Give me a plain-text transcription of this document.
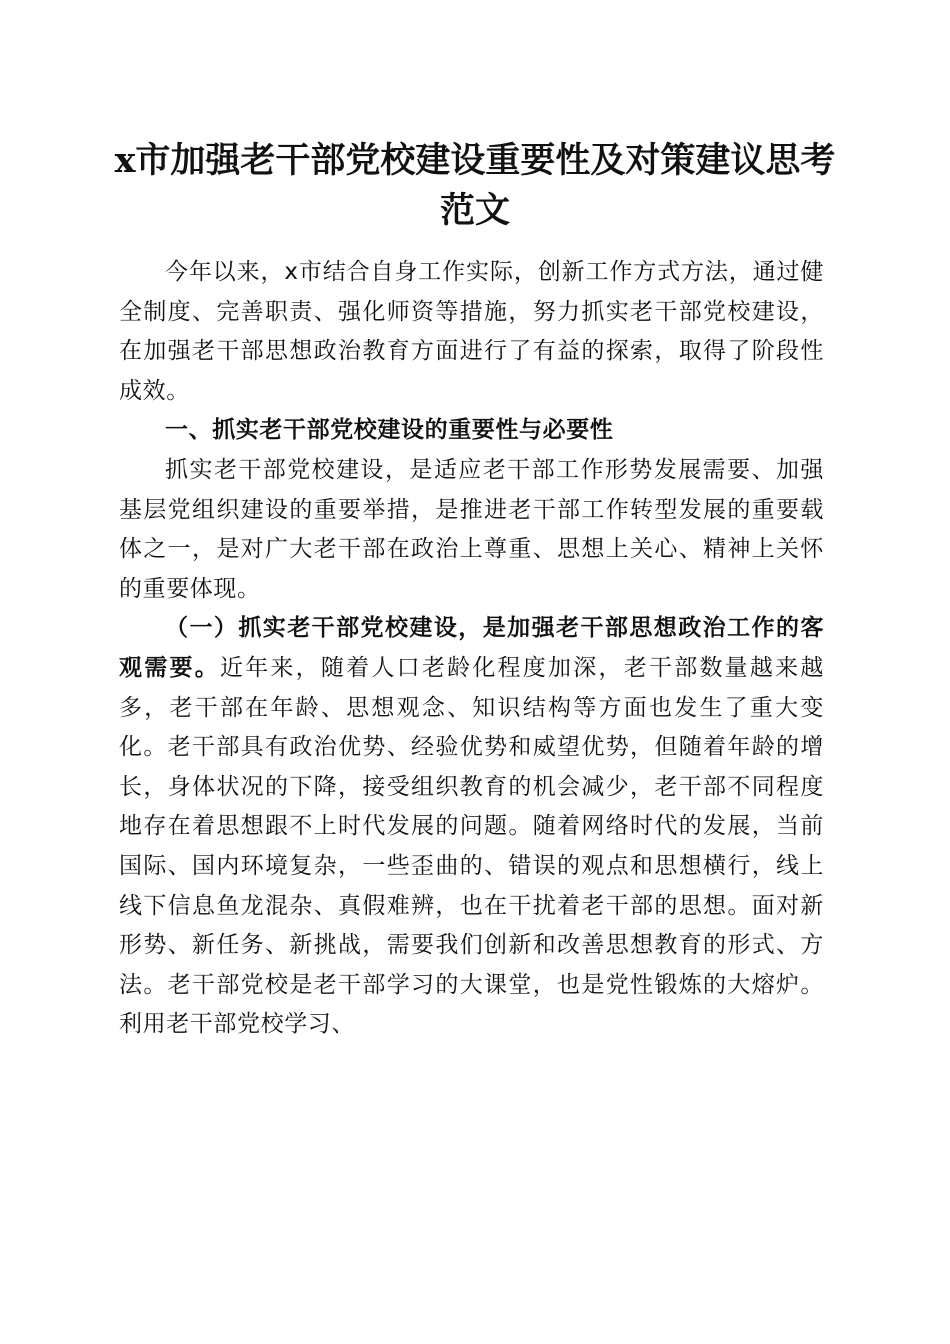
x市加强老干部党校建设重要性及对策建议思考范文

今年以来，x市结合自身工作实际，创新工作方式方法，通过健全制度、完善职责、强化师资等措施，努力抓实老干部党校建设，在加强老干部思想政治教育方面进行了有益的探索，取得了阶段性成效。

一、抓实老干部党校建设的重要性与必要性

抓实老干部党校建设，是适应老干部工作形势发展需要、加强基层党组织建设的重要举措，是推进老干部工作转型发展的重要载体之一，是对广大老干部在政治上尊重、思想上关心、精神上关怀的重要体现。

（一）抓实老干部党校建设，是加强老干部思想政治工作的客观需要。近年来，随着人口老龄化程度加深，老干部数量越来越多，老干部在年龄、思想观念、知识结构等方面也发生了重大变化。老干部具有政治优势、经验优势和威望优势，但随着年龄的增长，身体状况的下降，接受组织教育的机会减少，老干部不同程度地存在着思想跟不上时代发展的问题。随着网络时代的发展，当前国际、国内环境复杂，一些歪曲的、错误的观点和思想横行，线上线下信息鱼龙混杂、真假难辨，也在干扰着老干部的思想。面对新形势、新任务、新挑战，需要我们创新和改善思想教育的形式、方法。老干部党校是老干部学习的大课堂，也是党性锻炼的大熔炉。利用老干部党校学习、
